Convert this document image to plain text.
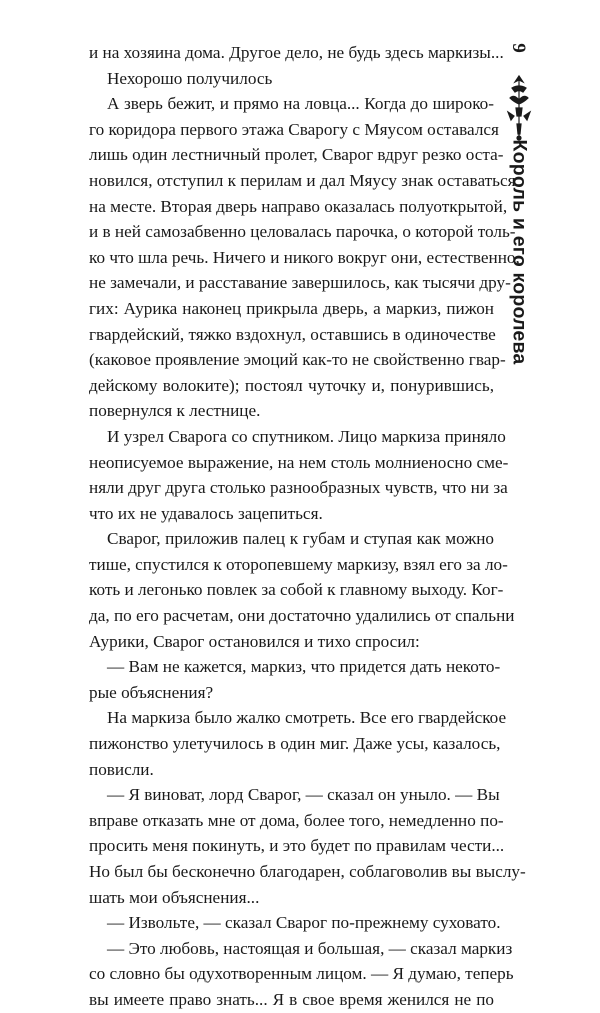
и на хозяина дома. Другое дело, не будь здесь маркизы...
Нехорошо получилось
А зверь бежит, и прямо на ловца... Когда до широко-
го коридора первого этажа Сварогу с Мяусом оставался
лишь один лестничный пролет, Сварог вдруг резко оста-
новился, отступил к перилам и дал Мяусу знак оставаться
на месте. Вторая дверь направо оказалась полуоткрытой,
и в ней самозабвенно целовалась парочка, о которой толь-
ко что шла речь. Ничего и никого вокруг они, естественно,
не замечали, и расставание завершилось, как тысячи дру-
гих: Аурика наконец прикрыла дверь, а маркиз, пижон
гвардейский, тяжко вздохнул, оставшись в одиночестве
(каковое проявление эмоций как-то не свойственно гвар-
дейскому волоките); постоял чуточку и, понурившись,
повернулся к лестнице.
И узрел Сварога со спутником. Лицо маркиза приняло
неописуемое выражение, на нем столь молниеносно сме-
няли друг друга столько разнообразных чувств, что ни за
что их не удавалось зацепиться.
Сварог, приложив палец к губам и ступая как можно
тише, спустился к оторопевшему маркизу, взял его за ло-
коть и легонько повлек за собой к главному выходу. Ког-
да, по его расчетам, они достаточно удалились от спальни
Аурики, Сварог остановился и тихо спросил:
— Вам не кажется, маркиз, что придется дать некото-
рые объяснения?
На маркиза было жалко смотреть. Все его гвардейское
пижонство улетучилось в один миг. Даже усы, казалось,
повисли.
— Я виноват, лорд Сварог, — сказал он уныло. — Вы
вправе отказать мне от дома, более того, немедленно по-
просить меня покинуть, и это будет по правилам чести...
Но был бы бесконечно благодарен, соблаговолив вы выслу-
шать мои объяснения...
— Извольте, — сказал Сварог по-прежнему суховато.
— Это любовь, настоящая и большая, — сказал маркиз
со словно бы одухотворенным лицом. — Я думаю, теперь
вы имеете право знать... Я в свое время женился не по
9
Король и его королева
